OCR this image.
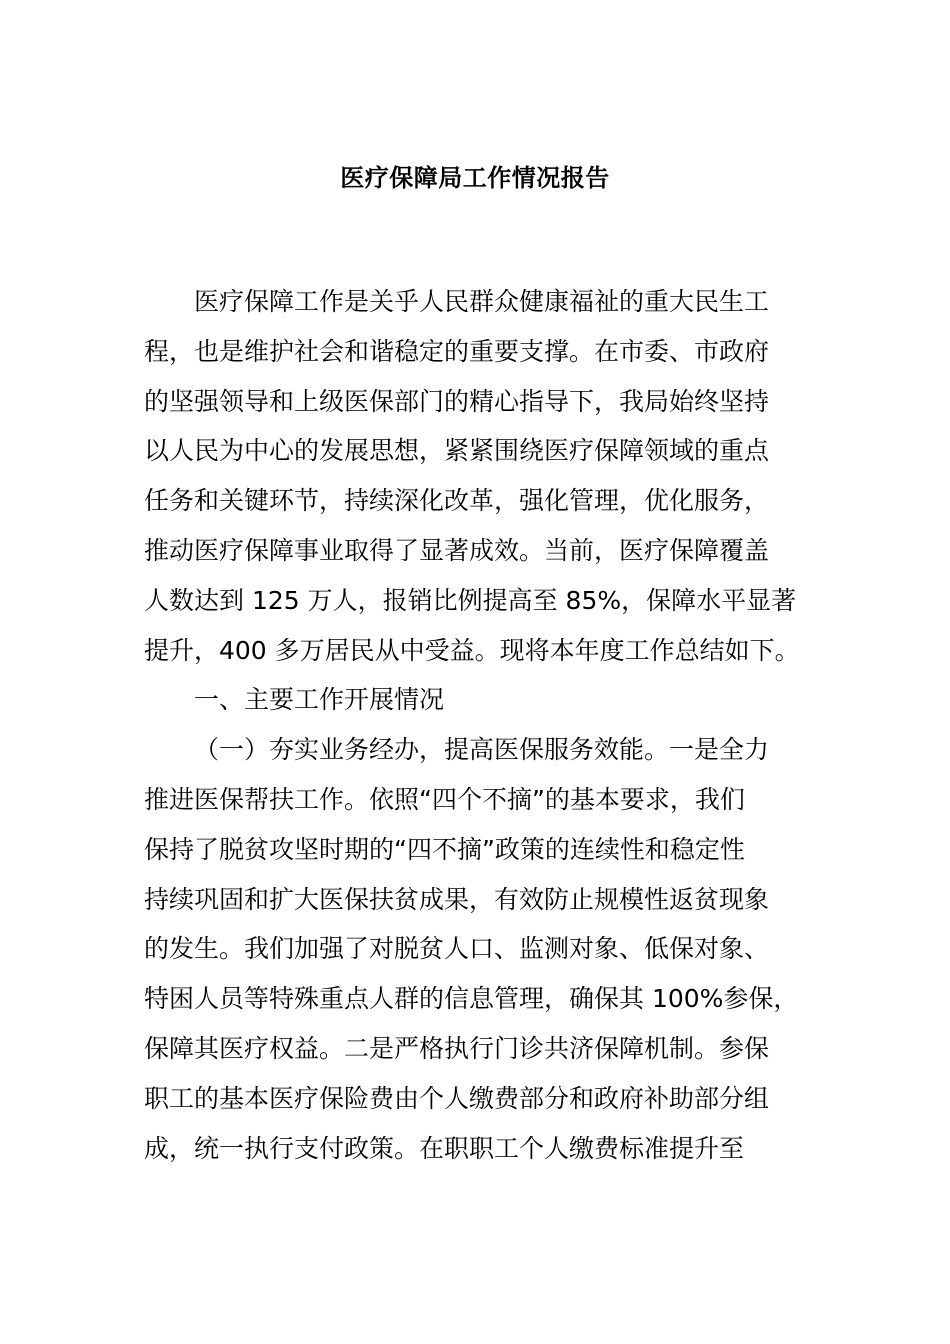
医疗保障局工作情况报告
医疗保障工作是关乎人民群众健康福祉的重大民生工
程，也是维护社会和谐稳定的重要支撑。在市委、市政府
的坚强领导和上级医保部门的精心指导下，我局始终坚持
以人民为中心的发展思想，紧紧围绕医疗保障领域的重点
任务和关键环节，持续深化改革，强化管理，优化服务，
推动医疗保障事业取得了显著成效。当前，医疗保障覆盖
人数达到 125 万人，报销比例提高至 85%，保障水平显著
提升，400 多万居民从中受益。现将本年度工作总结如下。
一、主要工作开展情况
（一）夯实业务经办，提高医保服务效能。一是全力
推进医保帮扶工作。依照“四个不摘”的基本要求，我们
保持了脱贫攻坚时期的“四不摘”政策的连续性和稳定性
持续巩固和扩大医保扶贫成果，有效防止规模性返贫现象
的发生。我们加强了对脱贫人口、监测对象、低保对象、
特困人员等特殊重点人群的信息管理，确保其 100%参保，
保障其医疗权益。二是严格执行门诊共济保障机制。参保
职工的基本医疗保险费由个人缴费部分和政府补助部分组
成，统一执行支付政策。在职职工个人缴费标准提升至
